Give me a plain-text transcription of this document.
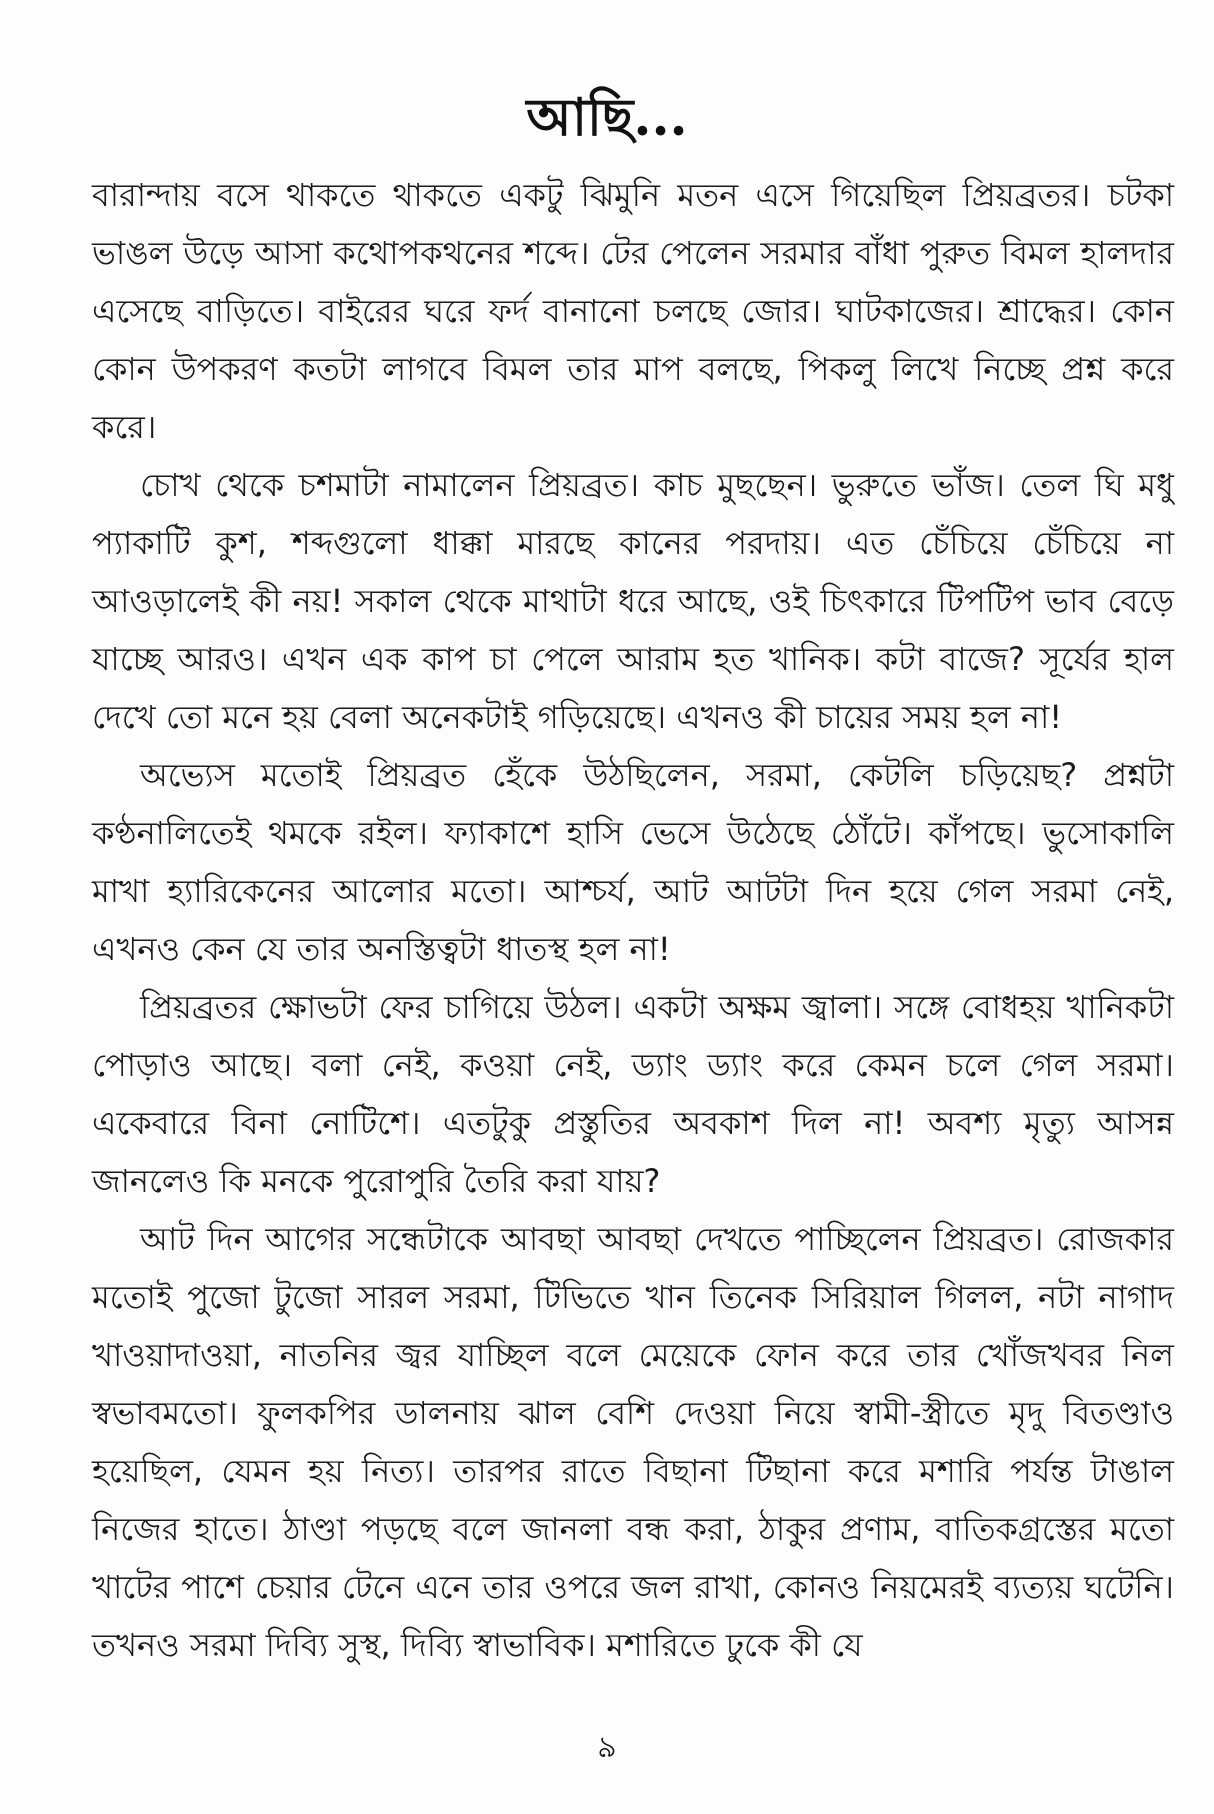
আছি...

বারান্দায় বসে থাকতে থাকতে একটু ঝিমুনি মতন এসে গিয়েছিল প্রিয়ব্রতর। চটকা ভাঙল উড়ে আসা কথোপকথনের শব্দে। টের পেলেন সরমার বাঁধা পুরুত বিমল হালদার এসেছে বাড়িতে। বাইরের ঘরে ফর্দ বানানো চলছে জোর। ঘাটকাজের। শ্রাদ্ধের। কোন কোন উপকরণ কতটা লাগবে বিমল তার মাপ বলছে, পিকলু লিখে নিচ্ছে প্রশ্ন করে করে।

চোখ থেকে চশমাটা নামালেন প্রিয়ব্রত। কাচ মুছছেন। ভুরুতে ভাঁজ। তেল ঘি মধু প্যাকাটি কুশ, শব্দগুলো ধাক্কা মারছে কানের পরদায়। এত চেঁচিয়ে চেঁচিয়ে না আওড়ালেই কী নয়! সকাল থেকে মাথাটা ধরে আছে, ওই চিৎকারে টিপটিপ ভাব বেড়ে যাচ্ছে আরও। এখন এক কাপ চা পেলে আরাম হত খানিক। কটা বাজে? সূর্যের হাল দেখে তো মনে হয় বেলা অনেকটাই গড়িয়েছে। এখনও কী চায়ের সময় হল না!

অভ্যেস মতোই প্রিয়ব্রত হেঁকে উঠছিলেন, সরমা, কেটলি চড়িয়েছ? প্রশ্নটা কণ্ঠনালিতেই থমকে রইল। ফ্যাকাশে হাসি ভেসে উঠেছে ঠোঁটে। কাঁপছে। ভুসোকালি মাখা হ্যারিকেনের আলোর মতো। আশ্চর্য, আট আটটা দিন হয়ে গেল সরমা নেই, এখনও কেন যে তার অনস্তিত্বটা ধাতস্থ হল না!

প্রিয়ব্রতর ক্ষোভটা ফের চাগিয়ে উঠল। একটা অক্ষম জ্বালা। সঙ্গে বোধহয় খানিকটা পোড়াও আছে। বলা নেই, কওয়া নেই, ড্যাং ড্যাং করে কেমন চলে গেল সরমা। একেবারে বিনা নোটিশে। এতটুকু প্রস্তুতির অবকাশ দিল না! অবশ্য মৃত্যু আসন্ন জানলেও কি মনকে পুরোপুরি তৈরি করা যায়?

আট দিন আগের সন্ধেটাকে আবছা আবছা দেখতে পাচ্ছিলেন প্রিয়ব্রত। রোজকার মতোই পুজো টুজো সারল সরমা, টিভিতে খান তিনেক সিরিয়াল গিলল, নটা নাগাদ খাওয়াদাওয়া, নাতনির জ্বর যাচ্ছিল বলে মেয়েকে ফোন করে তার খোঁজখবর নিল স্বভাবমতো। ফুলকপির ডালনায় ঝাল বেশি দেওয়া নিয়ে স্বামী-স্ত্রীতে মৃদু বিতণ্ডাও হয়েছিল, যেমন হয় নিত্য। তারপর রাতে বিছানা টিছানা করে মশারি পর্যন্ত টাঙাল নিজের হাতে। ঠাণ্ডা পড়ছে বলে জানলা বন্ধ করা, ঠাকুর প্রণাম, বাতিকগ্রস্তের মতো খাটের পাশে চেয়ার টেনে এনে তার ওপরে জল রাখা, কোনও নিয়মেরই ব্যত্যয় ঘটেনি। তখনও সরমা দিব্যি সুস্থ, দিব্যি স্বাভাবিক। মশারিতে ঢুকে কী যে

৯
